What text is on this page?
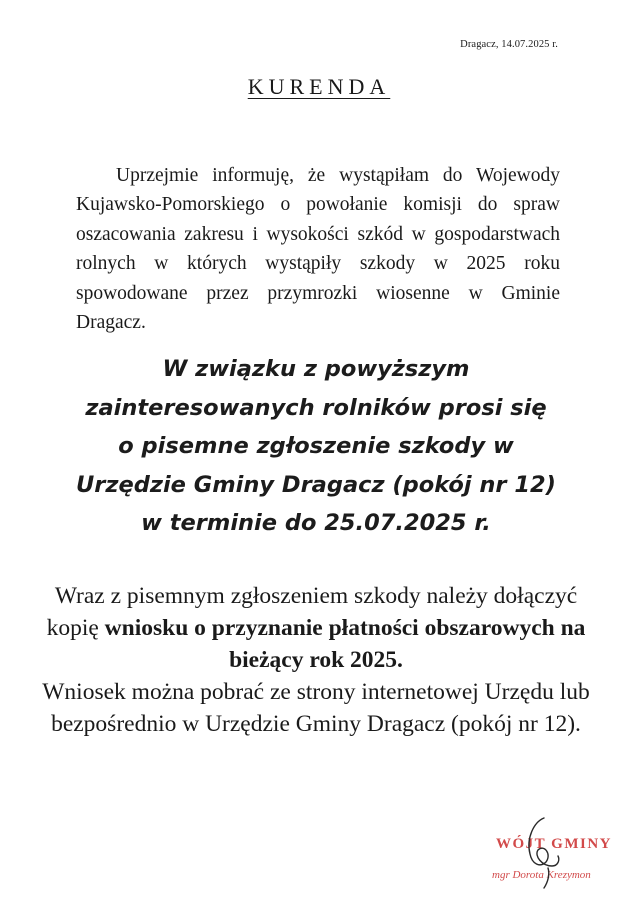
Dragacz, 14.07.2025 r.
KURENDA

Uprzejmie informuję, że wystąpiłam do Wojewody Kujawsko-Pomorskiego o powołanie komisji do spraw oszacowania zakresu i wysokości szkód w gospodarstwach rolnych w których wystąpiły szkody w 2025 roku spowodowane przez przymrozki wiosenne w Gminie Dragacz.

W związku z powyższym
zainteresowanych rolników prosi się
o pisemne zgłoszenie szkody w
Urzędzie Gminy Dragacz (pokój nr 12)
w terminie do 25.07.2025 r.
Wraz z pisemnym zgłoszeniem szkody należy dołączyć kopię wniosku o przyznanie płatności obszarowych na bieżący rok 2025.
Wniosek można pobrać ze strony internetowej Urzędu lub bezpośrednio w Urzędzie Gminy Dragacz (pokój nr 12).
WÓJT GMINY
mgr Dorota Krezymon
